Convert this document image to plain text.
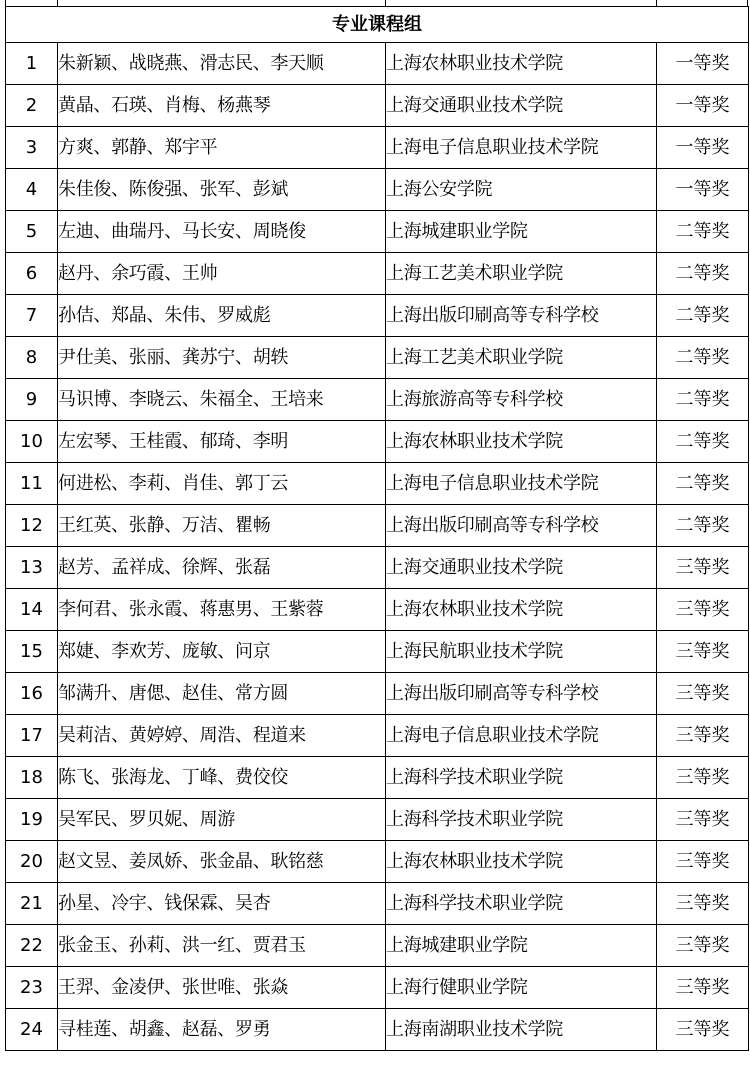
专业课程组			
1	朱新颖、战晓燕、滑志民、李天顺	上海农林职业技术学院	一等奖
2	黄晶、石瑛、肖梅、杨燕琴	上海交通职业技术学院	一等奖
3	方爽、郭静、郑宇平	上海电子信息职业技术学院	一等奖
4	朱佳俊、陈俊强、张军、彭斌	上海公安学院	一等奖
5	左迪、曲瑞丹、马长安、周晓俊	上海城建职业学院	二等奖
6	赵丹、余巧霞、王帅	上海工艺美术职业学院	二等奖
7	孙佶、郑晶、朱伟、罗威彪	上海出版印刷高等专科学校	二等奖
8	尹仕美、张丽、龚苏宁、胡轶	上海工艺美术职业学院	二等奖
9	马识博、李晓云、朱福全、王培来	上海旅游高等专科学校	二等奖
10	左宏琴、王桂霞、郁琦、李明	上海农林职业技术学院	二等奖
11	何进松、李莉、肖佳、郭丁云	上海电子信息职业技术学院	二等奖
12	王红英、张静、万洁、瞿畅	上海出版印刷高等专科学校	二等奖
13	赵芳、孟祥成、徐辉、张磊	上海交通职业技术学院	三等奖
14	李何君、张永霞、蒋惠男、王紫蓉	上海农林职业技术学院	三等奖
15	郑婕、李欢芳、庞敏、问京	上海民航职业技术学院	三等奖
16	邹满升、唐偲、赵佳、常方圆	上海出版印刷高等专科学校	三等奖
17	吴莉洁、黄婷婷、周浩、程道来	上海电子信息职业技术学院	三等奖
18	陈飞、张海龙、丁峰、费佼佼	上海科学技术职业学院	三等奖
19	吴军民、罗贝妮、周游	上海科学技术职业学院	三等奖
20	赵文昱、姜凤娇、张金晶、耿铭慈	上海农林职业技术学院	三等奖
21	孙星、冷宇、钱保霖、吴杏	上海科学技术职业学院	三等奖
22	张金玉、孙莉、洪一红、贾君玉	上海城建职业学院	三等奖
23	王羿、金凌伊、张世唯、张焱	上海行健职业学院	三等奖
24	寻桂莲、胡鑫、赵磊、罗勇	上海南湖职业技术学院	三等奖
